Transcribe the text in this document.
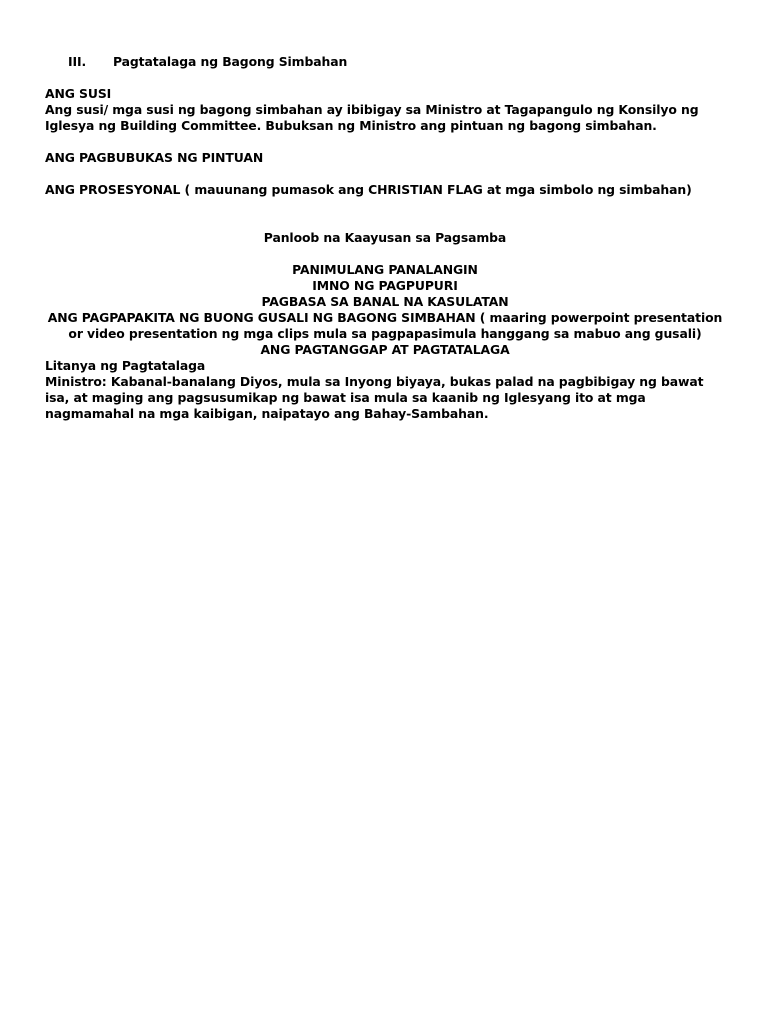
III.	Pagtatalaga ng Bagong Simbahan

ANG SUSI

Ang susi/ mga susi ng bagong simbahan ay ibibigay sa Ministro at Tagapangulo ng Konsilyo ng Iglesya ng Building Committee. Bubuksan ng Ministro ang pintuan ng bagong simbahan.

ANG PAGBUBUKAS NG PINTUAN

ANG PROSESYONAL ( mauunang pumasok ang CHRISTIAN FLAG at mga simbolo ng simbahan)

Panloob na Kaayusan sa Pagsamba

PANIMULANG PANALANGIN

IMNO NG PAGPUPURI

PAGBASA SA BANAL NA KASULATAN

ANG PAGPAPAKITA NG BUONG GUSALI NG BAGONG SIMBAHAN ( maaring powerpoint presentation or video presentation ng mga clips mula sa pagpapasimula hanggang sa mabuo ang gusali)

ANG PAGTANGGAP AT PAGTATALAGA

Litanya ng Pagtatalaga

Ministro: Kabanal-banalang Diyos, mula sa Inyong biyaya, bukas palad na pagbibigay ng bawat isa, at maging ang pagsusumikap ng bawat isa mula sa kaanib ng Iglesyang ito at mga nagmamahal na mga kaibigan, naipatayo ang Bahay-Sambahan.
